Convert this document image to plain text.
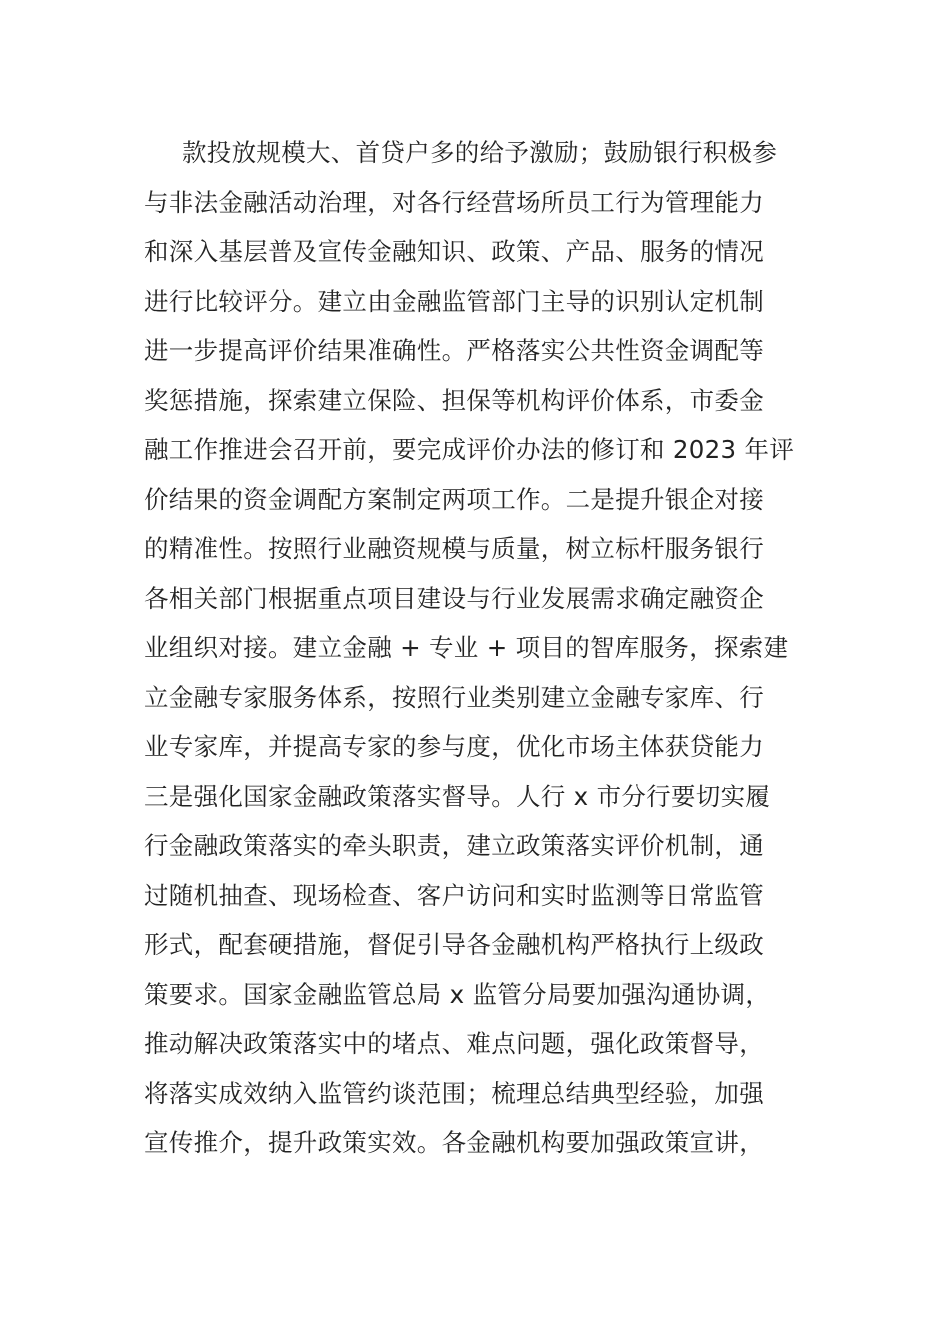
款投放规模大、首贷户多的给予激励；鼓励银行积极参
与非法金融活动治理，对各行经营场所员工行为管理能力
和深入基层普及宣传金融知识、政策、产品、服务的情况
进行比较评分。建立由金融监管部门主导的识别认定机制
进一步提高评价结果准确性。严格落实公共性资金调配等
奖惩措施，探索建立保险、担保等机构评价体系，市委金
融工作推进会召开前，要完成评价办法的修订和 2023 年评
价结果的资金调配方案制定两项工作。二是提升银企对接
的精准性。按照行业融资规模与质量，树立标杆服务银行
各相关部门根据重点项目建设与行业发展需求确定融资企
业组织对接。建立金融 + 专业 + 项目的智库服务，探索建
立金融专家服务体系，按照行业类别建立金融专家库、行
业专家库，并提高专家的参与度，优化市场主体获贷能力
三是强化国家金融政策落实督导。人行 x 市分行要切实履
行金融政策落实的牵头职责，建立政策落实评价机制，通
过随机抽查、现场检查、客户访问和实时监测等日常监管
形式，配套硬措施，督促引导各金融机构严格执行上级政
策要求。国家金融监管总局 x 监管分局要加强沟通协调，
推动解决政策落实中的堵点、难点问题，强化政策督导，
将落实成效纳入监管约谈范围；梳理总结典型经验，加强
宣传推介，提升政策实效。各金融机构要加强政策宣讲，
